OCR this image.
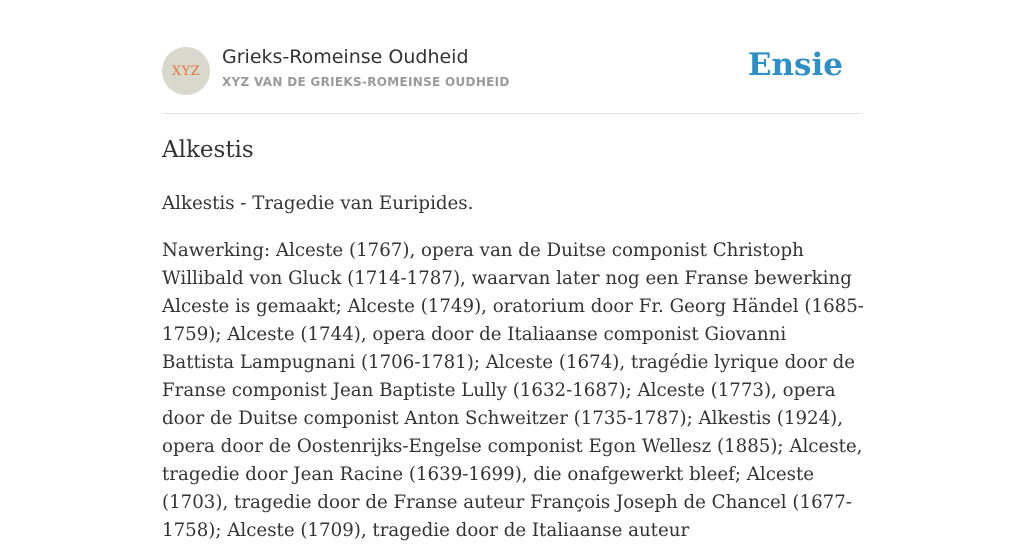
XYZ
Grieks-Romeinse Oudheid
XYZ VAN DE GRIEKS-ROMEINSE OUDHEID	Ensie
Alkestis

Alkestis - Tragedie van Euripides.

Nawerking: Alceste (1767), opera van de Duitse componist Christoph Willibald von Gluck (1714-1787), waarvan later nog een Franse bewerking Alceste is gemaakt; Alceste (1749), oratorium door Fr. Georg Händel (1685-1759); Alceste (1744), opera door de Italiaanse componist Giovanni Battista Lampugnani (1706-1781); Alceste (1674), tragédie lyrique door de Franse componist Jean Baptiste Lully (1632-1687); Alceste (1773), opera door de Duitse componist Anton Schweitzer (1735-1787); Alkestis (1924), opera door de Oostenrijks-Engelse componist Egon Wellesz (1885); Alceste, tragedie door Jean Racine (1639-1699), die onafgewerkt bleef; Alceste (1703), tragedie door de Franse auteur François Joseph de Chancel (1677-1758); Alceste (1709), tragedie door de Italiaanse auteur
